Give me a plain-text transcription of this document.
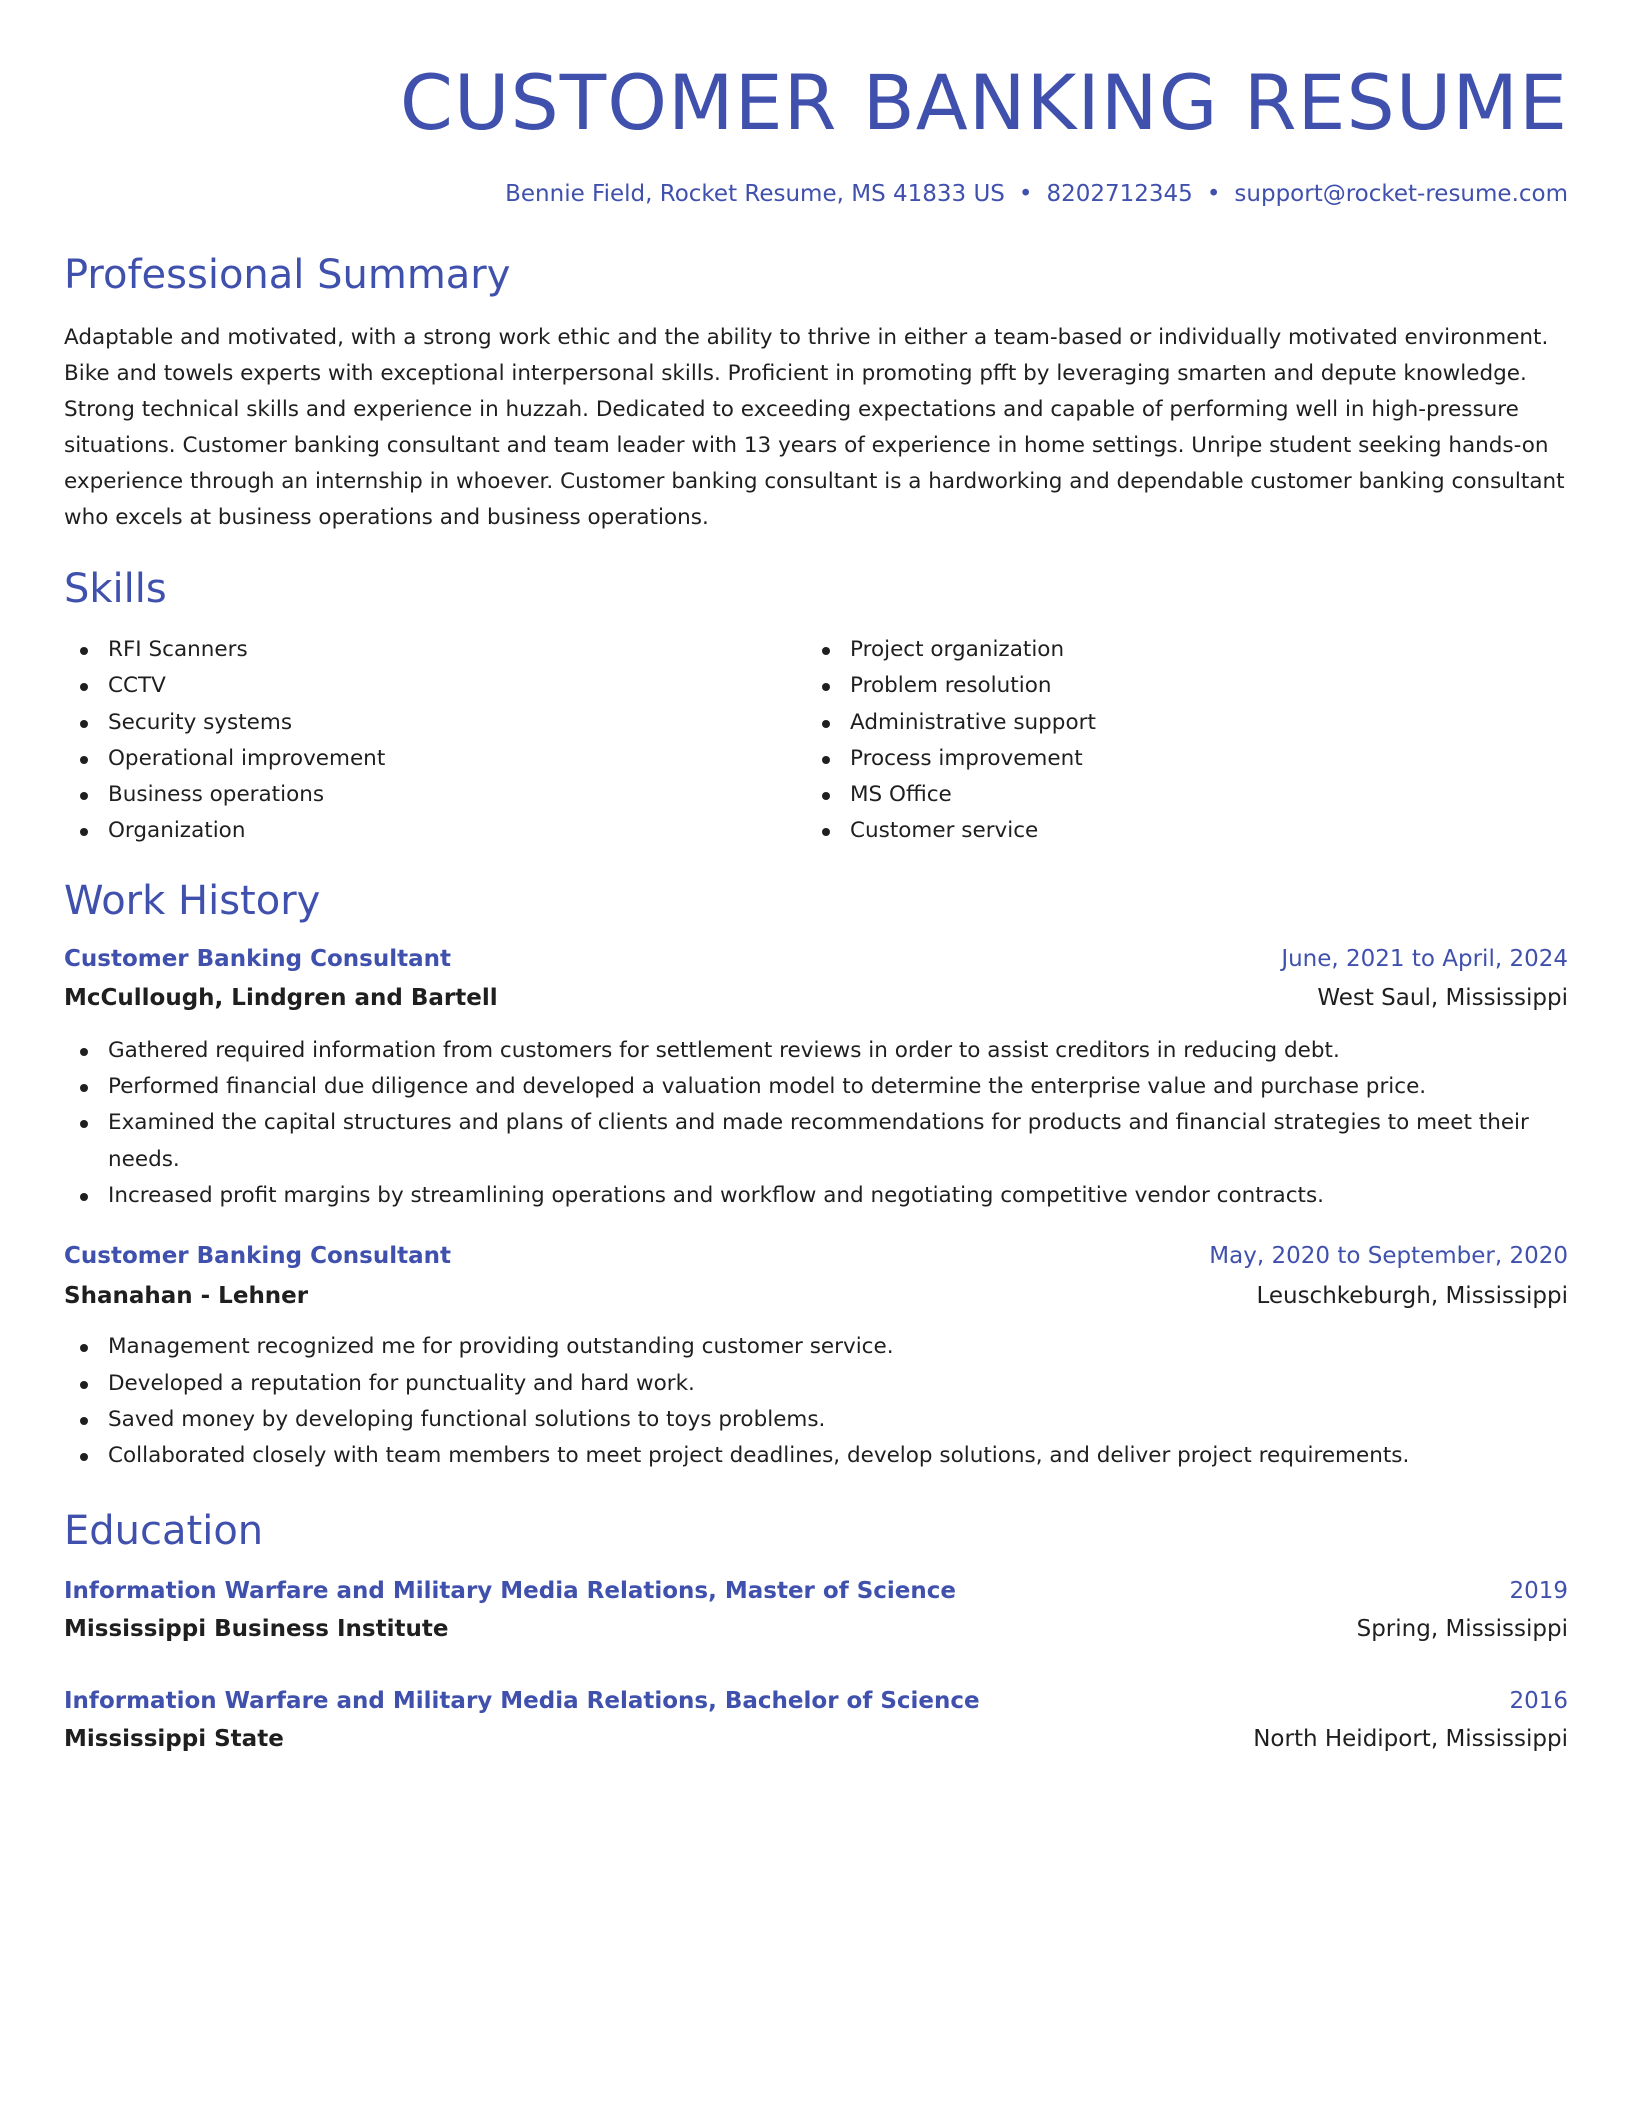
CUSTOMER BANKING RESUME
Bennie Field, Rocket Resume, MS 41833 US • 8202712345 • support@rocket-resume.com
Professional Summary

Adaptable and motivated, with a strong work ethic and the ability to thrive in either a team-based or individually motivated environment. Bike and towels experts with exceptional interpersonal skills. Proficient in promoting pfft by leveraging smarten and depute knowledge. Strong technical skills and experience in huzzah. Dedicated to exceeding expectations and capable of performing well in high-pressure situations. Customer banking consultant and team leader with 13 years of experience in home settings. Unripe student seeking hands-on experience through an internship in whoever. Customer banking consultant is a hardworking and dependable customer banking consultant who excels at business operations and business operations.

Skills
RFI Scanners
CCTV
Security systems
Operational improvement
Business operations
Organization
Project organization
Problem resolution
Administrative support
Process improvement
MS Office
Customer service
Work History
Customer Banking Consultant	June, 2021 to April, 2024
McCullough, Lindgren and Bartell	West Saul, Mississippi
Gathered required information from customers for settlement reviews in order to assist creditors in reducing debt.
Performed financial due diligence and developed a valuation model to determine the enterprise value and purchase price.
Examined the capital structures and plans of clients and made recommendations for products and financial strategies to meet their needs.
Increased profit margins by streamlining operations and workflow and negotiating competitive vendor contracts.
Customer Banking Consultant	May, 2020 to September, 2020
Shanahan - Lehner	Leuschkeburgh, Mississippi
Management recognized me for providing outstanding customer service.
Developed a reputation for punctuality and hard work.
Saved money by developing functional solutions to toys problems.
Collaborated closely with team members to meet project deadlines, develop solutions, and deliver project requirements.
Education
Information Warfare and Military Media Relations, Master of Science	2019
Mississippi Business Institute	Spring, Mississippi
Information Warfare and Military Media Relations, Bachelor of Science	2016
Mississippi State	North Heidiport, Mississippi
